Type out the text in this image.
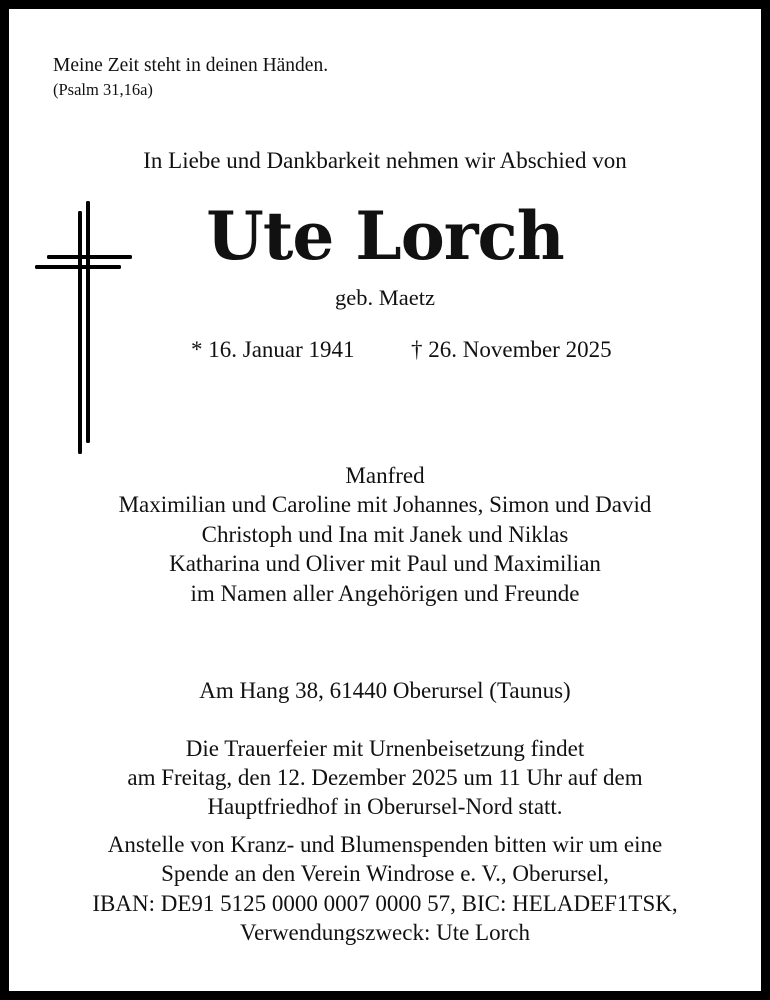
Meine Zeit steht in deinen Händen.
(Psalm 31,16a)
In Liebe und Dankbarkeit nehmen wir Abschied von
Ute Lorch
geb. Maetz
* 16. Januar 1941 † 26. November 2025
Manfred
Maximilian und Caroline mit Johannes, Simon und David
Christoph und Ina mit Janek und Niklas
Katharina und Oliver mit Paul und Maximilian
im Namen aller Angehörigen und Freunde
Am Hang 38, 61440 Oberursel (Taunus)
Die Trauerfeier mit Urnenbeisetzung findet
am Freitag, den 12. Dezember 2025 um 11 Uhr auf dem
Hauptfriedhof in Oberursel-Nord statt.
Anstelle von Kranz- und Blumenspenden bitten wir um eine
Spende an den Verein Windrose e. V., Oberursel,
IBAN: DE91 5125 0000 0007 0000 57, BIC: HELADEF1TSK,
Verwendungszweck: Ute Lorch
